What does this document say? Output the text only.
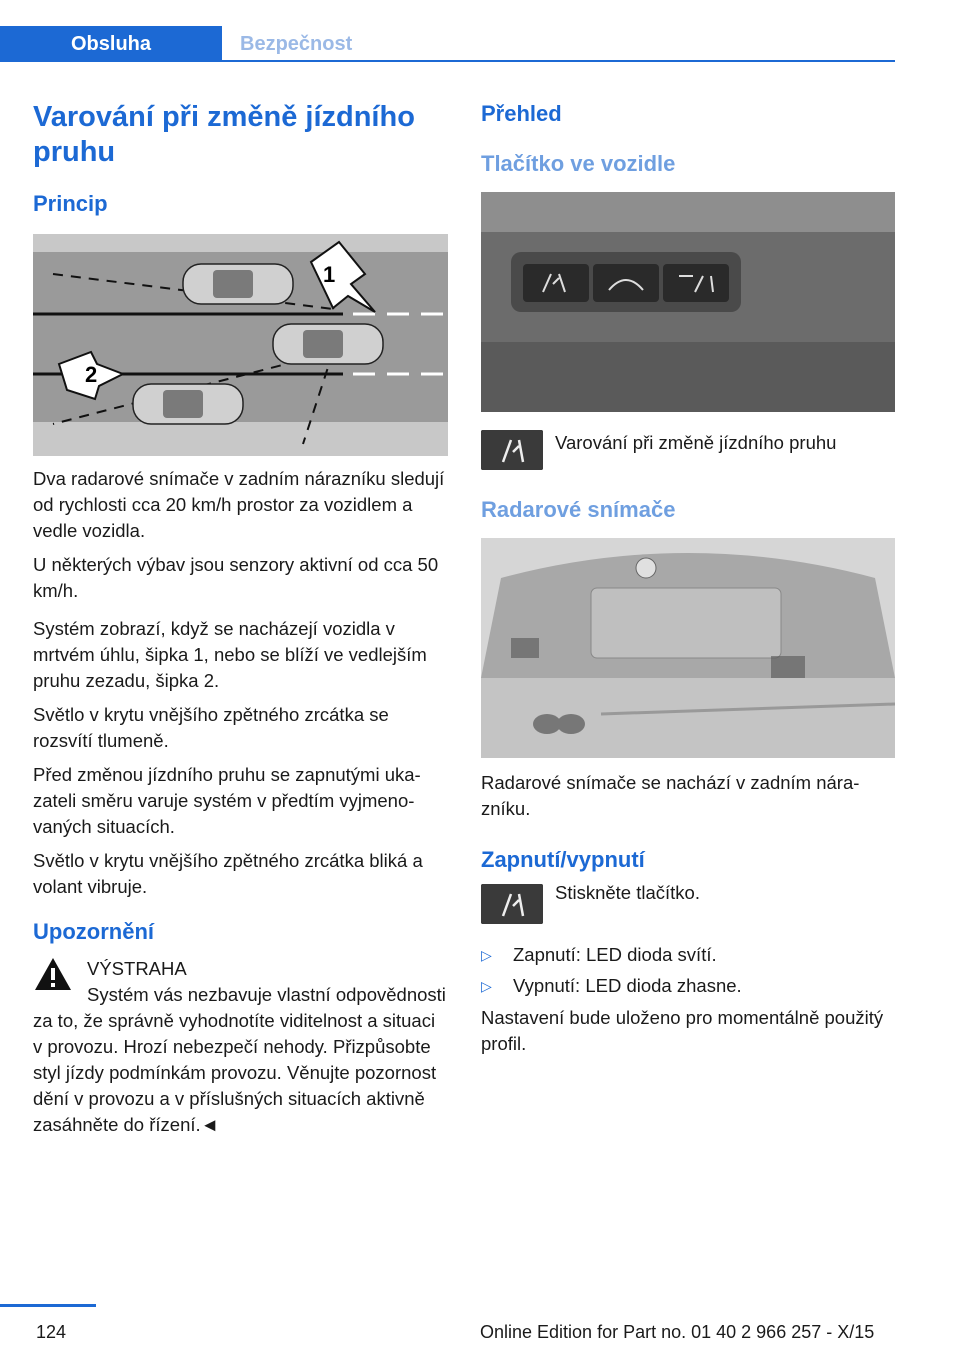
Obsluha	Bezpečnost
Varování při změně jízdního pruhu
Princip
1
2

Dva radarové snímače v zadním nárazníku sledují od rychlosti cca 20 km/h prostor za vozidlem a vedle vozidla.

U některých výbav jsou senzory aktivní od cca 50 km/h.

Systém zobrazí, když se nacházejí vozidla v mrtvém úhlu, šipka 1, nebo se blíží ve vedlejším pruhu zezadu, šipka 2.

Světlo v krytu vnějšího zpětného zrcátka se rozsvítí tlumeně.

Před změnou jízdního pruhu se zapnutými ukazateli směru varuje systém v předtím vyjmenovaných situacích.

Světlo v krytu vnějšího zpětného zrcátka bliká a volant vibruje.

Upozornění

VÝSTRAHA

Systém vás nezbavuje vlastní odpovědnosti za to, že správně vyhodnotíte viditelnost a situaci v provozu. Hrozí nebezpečí nehody. Přizpůsobte styl jízdy podmínkám provozu. Věnujte pozornost dění v provozu a v příslušných situacích aktivně zasáhněte do řízení.◄

Přehled
Tlačítko ve vozidle

Varování při změně jízdního pruhu

Radarové snímače

Radarové snímače se nachází v zadním nárazníku.

Zapnutí/vypnutí

Stiskněte tlačítko.

▷ Zapnutí: LED dioda svítí.
▷ Vypnutí: LED dioda zhasne.

Nastavení bude uloženo pro momentálně použitý profil.

124	Online Edition for Part no. 01 40 2 966 257 - X/15
